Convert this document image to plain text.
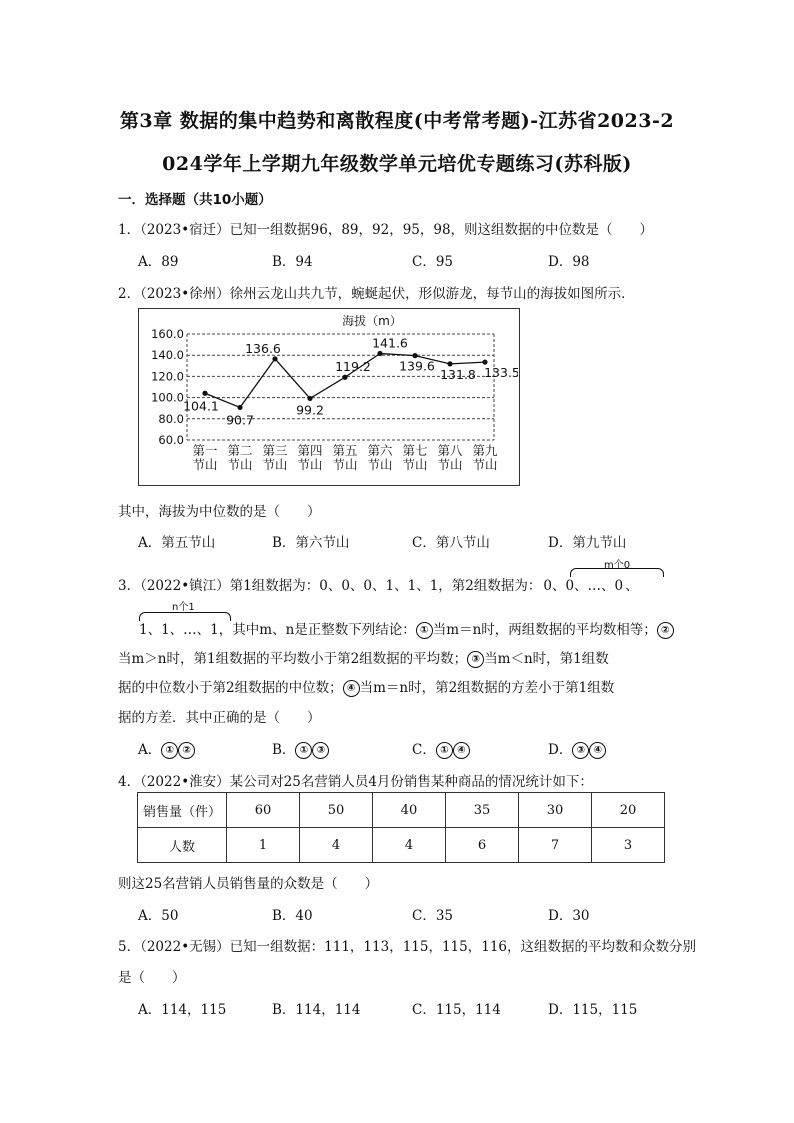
第3章 数据的集中趋势和离散程度(中考常考题)-江苏省2023-2
024学年上学期九年级数学单元培优专题练习(苏科版)
一．选择题（共10小题）
1．（2023•宿迁）已知一组数据96，89，92，95，98，则这组数据的中位数是（　　）
A．89	B．94	C．95	D．98
2．（2023•徐州）徐州云龙山共九节，蜿蜒起伏，形似游龙，每节山的海拔如图所示．
海拔（m）
60.0
80.0
100.0
120.0
140.0
160.0
第一节山
第二节山
第三节山
第四节山
第五节山
第六节山
第七节山
第八节山
第九节山
104.1
90.7
136.6
99.2
119.2
141.6
139.6
131.8 133.5
其中，海拔为中位数的是（　　）
A．第五节山	B．第六节山	C．第八节山	D．第九节山
3．（2022•镇江）第1组数据为：0、0、0、1、1、1，第2组数据为： 0、0、…、0 、
m个0
n个1
1、1、…、1，其中m、n是正整数下列结论： ① 当m＝n时，两组数据的平均数相等； ②
当m＞n时，第1组数据的平均数小于第2组数据的平均数； ③ 当m＜n时，第1组数
据的中位数小于第2组数据的中位数； ④ 当m＝n时，第2组数据的方差小于第1组数
据的方差．其中正确的是（　　）
A． ① ②	B． ① ③	C． ① ④	D． ③ ④
4．（2022•淮安）某公司对25名营销人员4月份销售某种商品的情况统计如下：
销售量（件）	60	50	40	35	30	20
人数	1	4	4	6	7	3
则这25名营销人员销售量的众数是（　　）
A．50	B．40	C．35	D．30
5．（2022•无锡）已知一组数据：111，113，115，115，116，这组数据的平均数和众数分别
是（　　）
A．114，115	B．114，114	C．115，114	D．115，115
